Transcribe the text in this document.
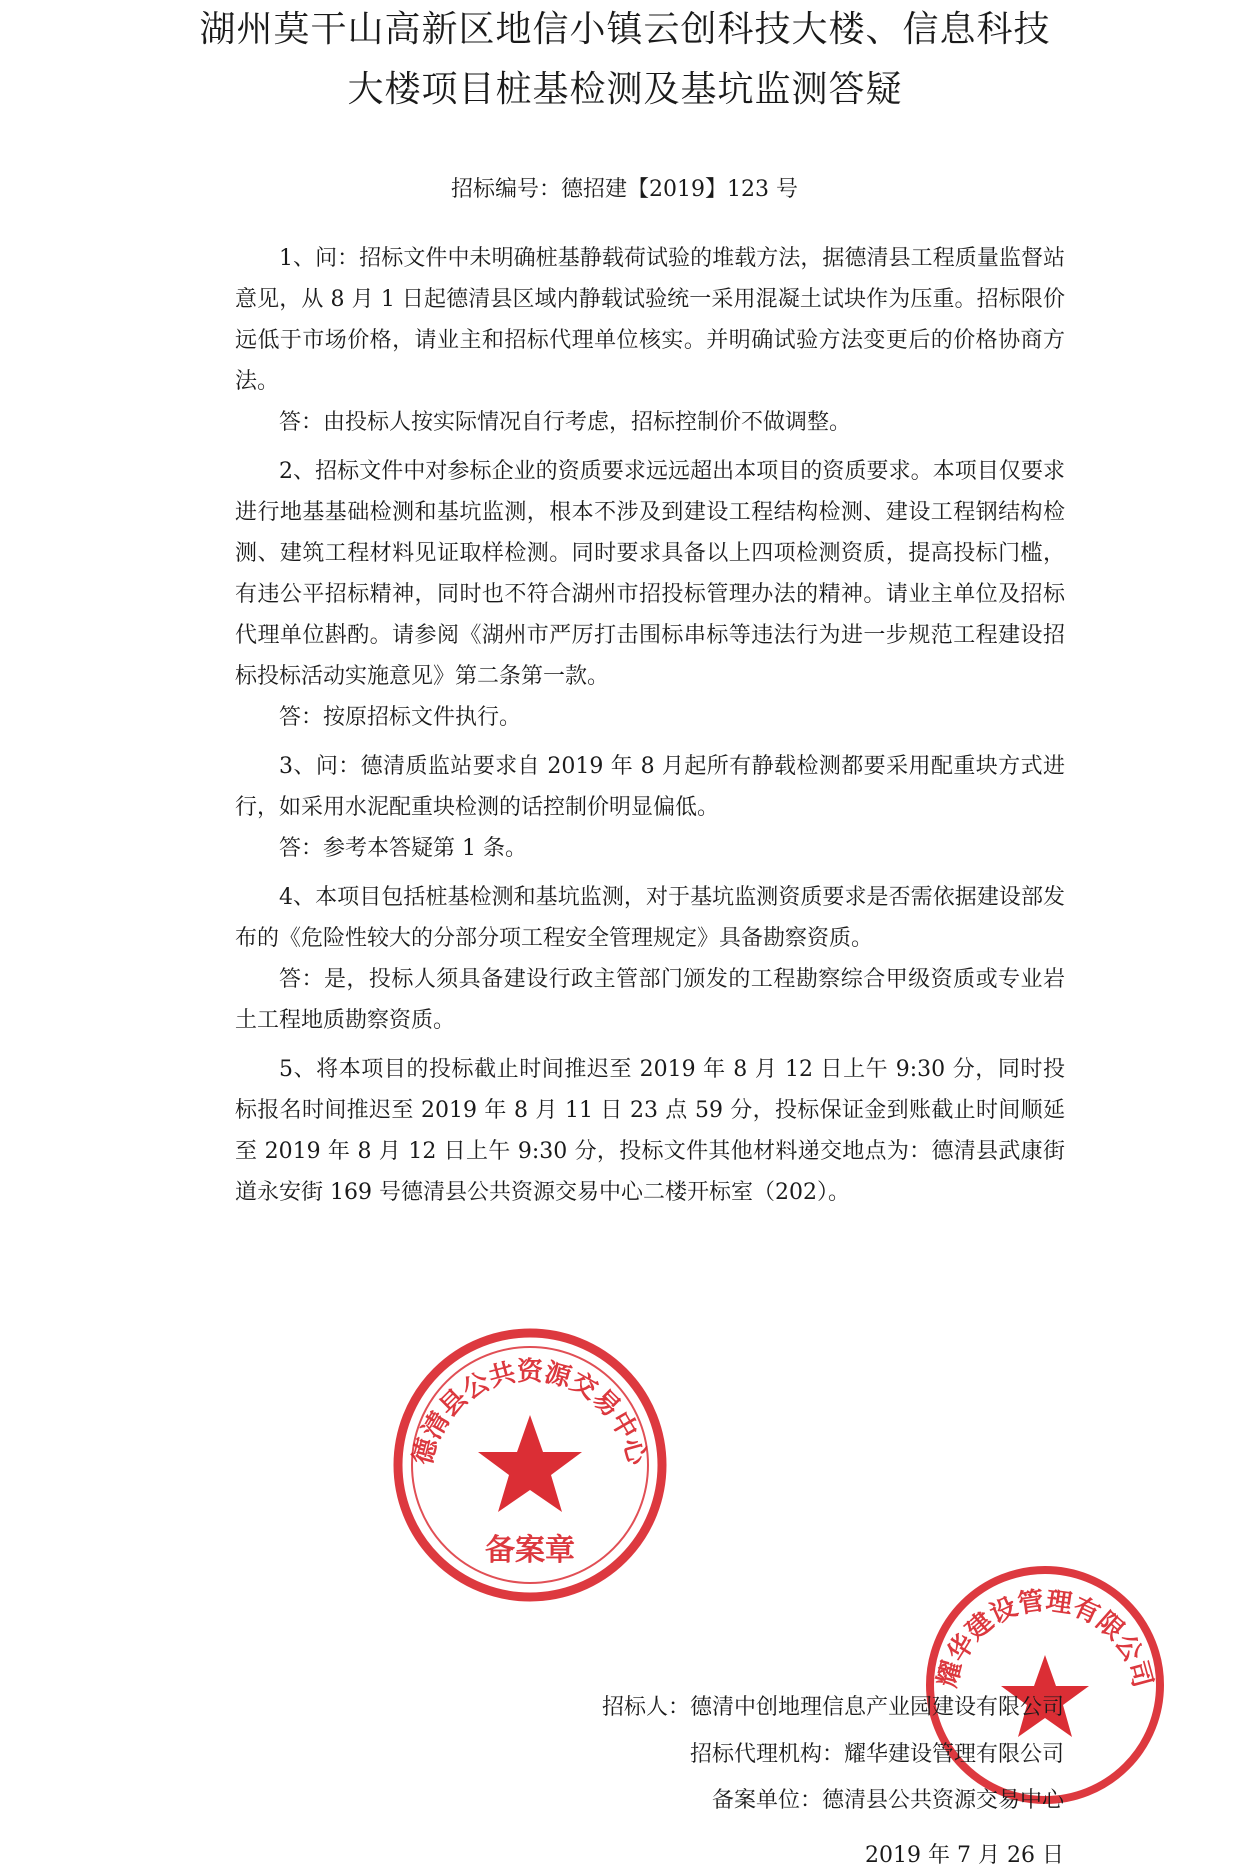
湖州莫干山高新区地信小镇云创科技大楼、信息科技
大楼项目桩基检测及基坑监测答疑
招标编号：德招建【2019】123 号

1、问：招标文件中未明确桩基静载荷试验的堆载方法，据德清县工程质量监督站意见，从 8 月 1 日起德清县区域内静载试验统一采用混凝土试块作为压重。招标限价远低于市场价格，请业主和招标代理单位核实。并明确试验方法变更后的价格协商方法。

答：由投标人按实际情况自行考虑，招标控制价不做调整。

2、招标文件中对参标企业的资质要求远远超出本项目的资质要求。本项目仅要求进行地基基础检测和基坑监测，根本不涉及到建设工程结构检测、建设工程钢结构检测、建筑工程材料见证取样检测。同时要求具备以上四项检测资质，提高投标门槛，有违公平招标精神，同时也不符合湖州市招投标管理办法的精神。请业主单位及招标代理单位斟酌。请参阅《湖州市严厉打击围标串标等违法行为进一步规范工程建设招标投标活动实施意见》第二条第一款。

答：按原招标文件执行。

3、问：德清质监站要求自 2019 年 8 月起所有静载检测都要采用配重块方式进行，如采用水泥配重块检测的话控制价明显偏低。

答：参考本答疑第 1 条。

4、本项目包括桩基检测和基坑监测，对于基坑监测资质要求是否需依据建设部发布的《危险性较大的分部分项工程安全管理规定》具备勘察资质。

答：是，投标人须具备建设行政主管部门颁发的工程勘察综合甲级资质或专业岩土工程地质勘察资质。

5、将本项目的投标截止时间推迟至 2019 年 8 月 12 日上午 9:30 分，同时投标报名时间推迟至 2019 年 8 月 11 日 23 点 59 分，投标保证金到账截止时间顺延至 2019 年 8 月 12 日上午 9:30 分，投标文件其他材料递交地点为：德清县武康街道永安街 169 号德清县公共资源交易中心二楼开标室（202）。

德清县公共资源交易中心
备案章
耀华建设管理有限公司
招标人：德清中创地理信息产业园建设有限公司
招标代理机构：耀华建设管理有限公司
备案单位：德清县公共资源交易中心
2019 年 7 月 26 日
